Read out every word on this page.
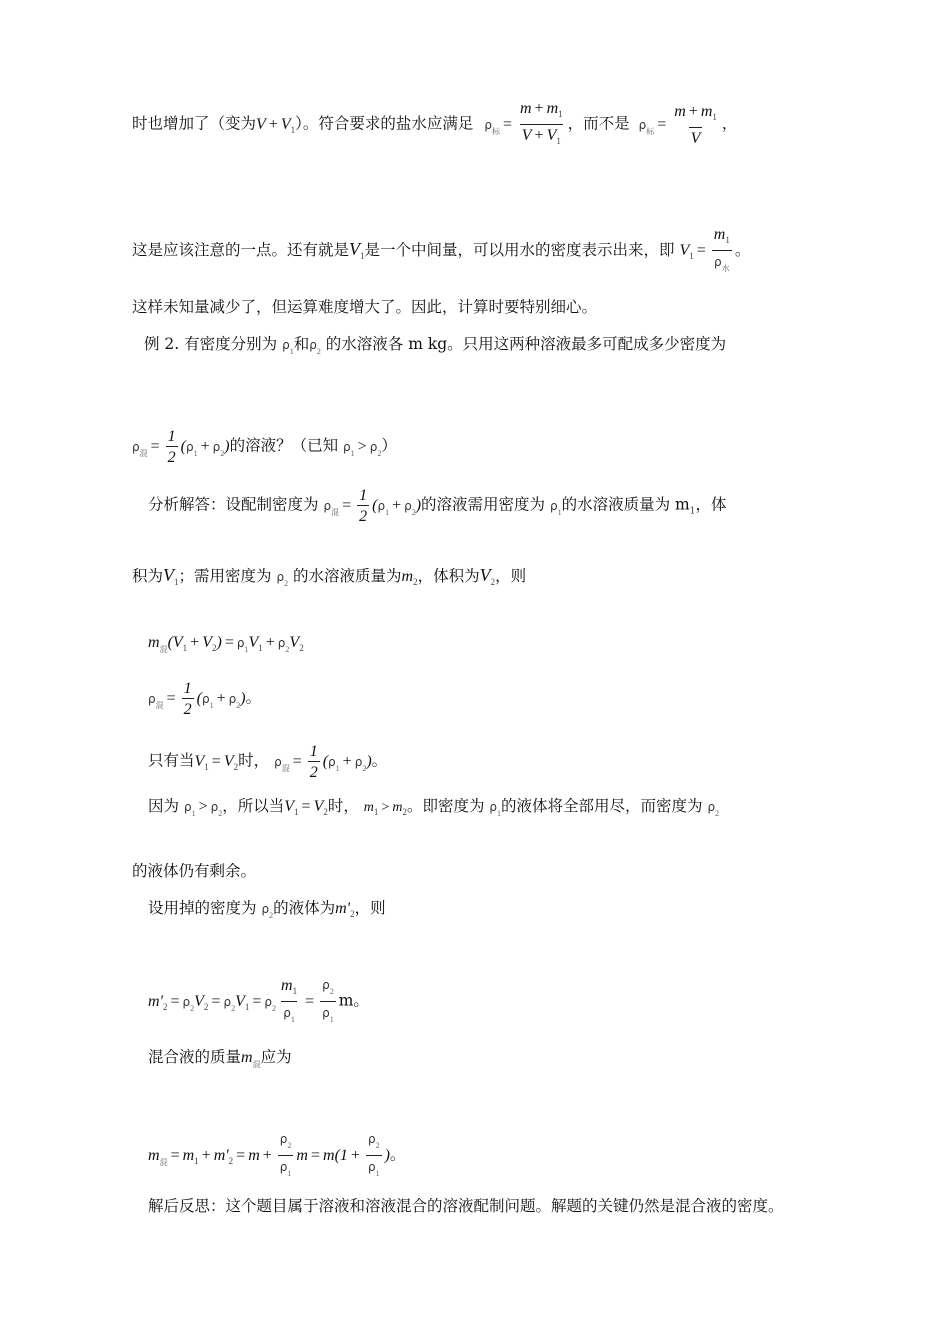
时也增加了（变为$V + V_1$）。符合要求的盐水应满足 $\rho_标 = \frac{m + m_1}{V + V_1}$ ，而不是 $\rho_标 = \frac{m + m_1}{V}$ ，
这是应该注意的一点。还有就是$V_1$是一个中间量，可以用水的密度表示出来，即 $V_1 = \frac{m_1}{\rho_水}$ 。
这样未知量减少了，但运算难度增大了。因此，计算时要特别细心。
例 2. 有密度分别为 $\rho_1$和$\rho_2$ 的水溶液各 m kg。只用这两种溶液最多可配成多少密度为
$\rho_混 = \frac{1}{2} (\rho_1 + \rho_2)$的溶液？（已知 $\rho_1 > \rho_2$）
分析解答：设配制密度为 $\rho_混 = \frac{1}{2} (\rho_1 + \rho_2)$的溶液需用密度为 $\rho_1$的水溶液质量为 $m_1$，体
积为$V_1$；需用密度为 $\rho_2$ 的水溶液质量为$m_2$，体积为$V_2$，则
$m_混(V_1 + V_2) = \rho_1V_1 + \rho_2V_2$
$\rho_混 = \frac{1}{2} (\rho_1 + \rho_2)$。
只有当$V_1 = V_2$时， $\rho_混 = \frac{1}{2} (\rho_1 + \rho_2)$。
因为 $\rho_1 > \rho_2$，所以当$V_1 = V_2$时， $m_1 > m_2$。即密度为 $\rho_1$的液体将全部用尽，而密度为 $\rho_2$
的液体仍有剩余。
设用掉的密度为 $\rho_2$的液体为$m'_2$，则
$m'_2 = \rho_2V_2 = \rho_2V_1 = \rho_2 \frac{m_1}{\rho_1} = \frac{\rho_2}{\rho_1}$ m。
混合液的质量$m_混$应为
$m_混 = m_1 + m'_2 = m + \frac{\rho_2}{\rho_1}$ $m = m(1 + \frac{\rho_2}{\rho_1}$ )。
解后反思：这个题目属于溶液和溶液混合的溶液配制问题。解题的关键仍然是混合液的密度。
